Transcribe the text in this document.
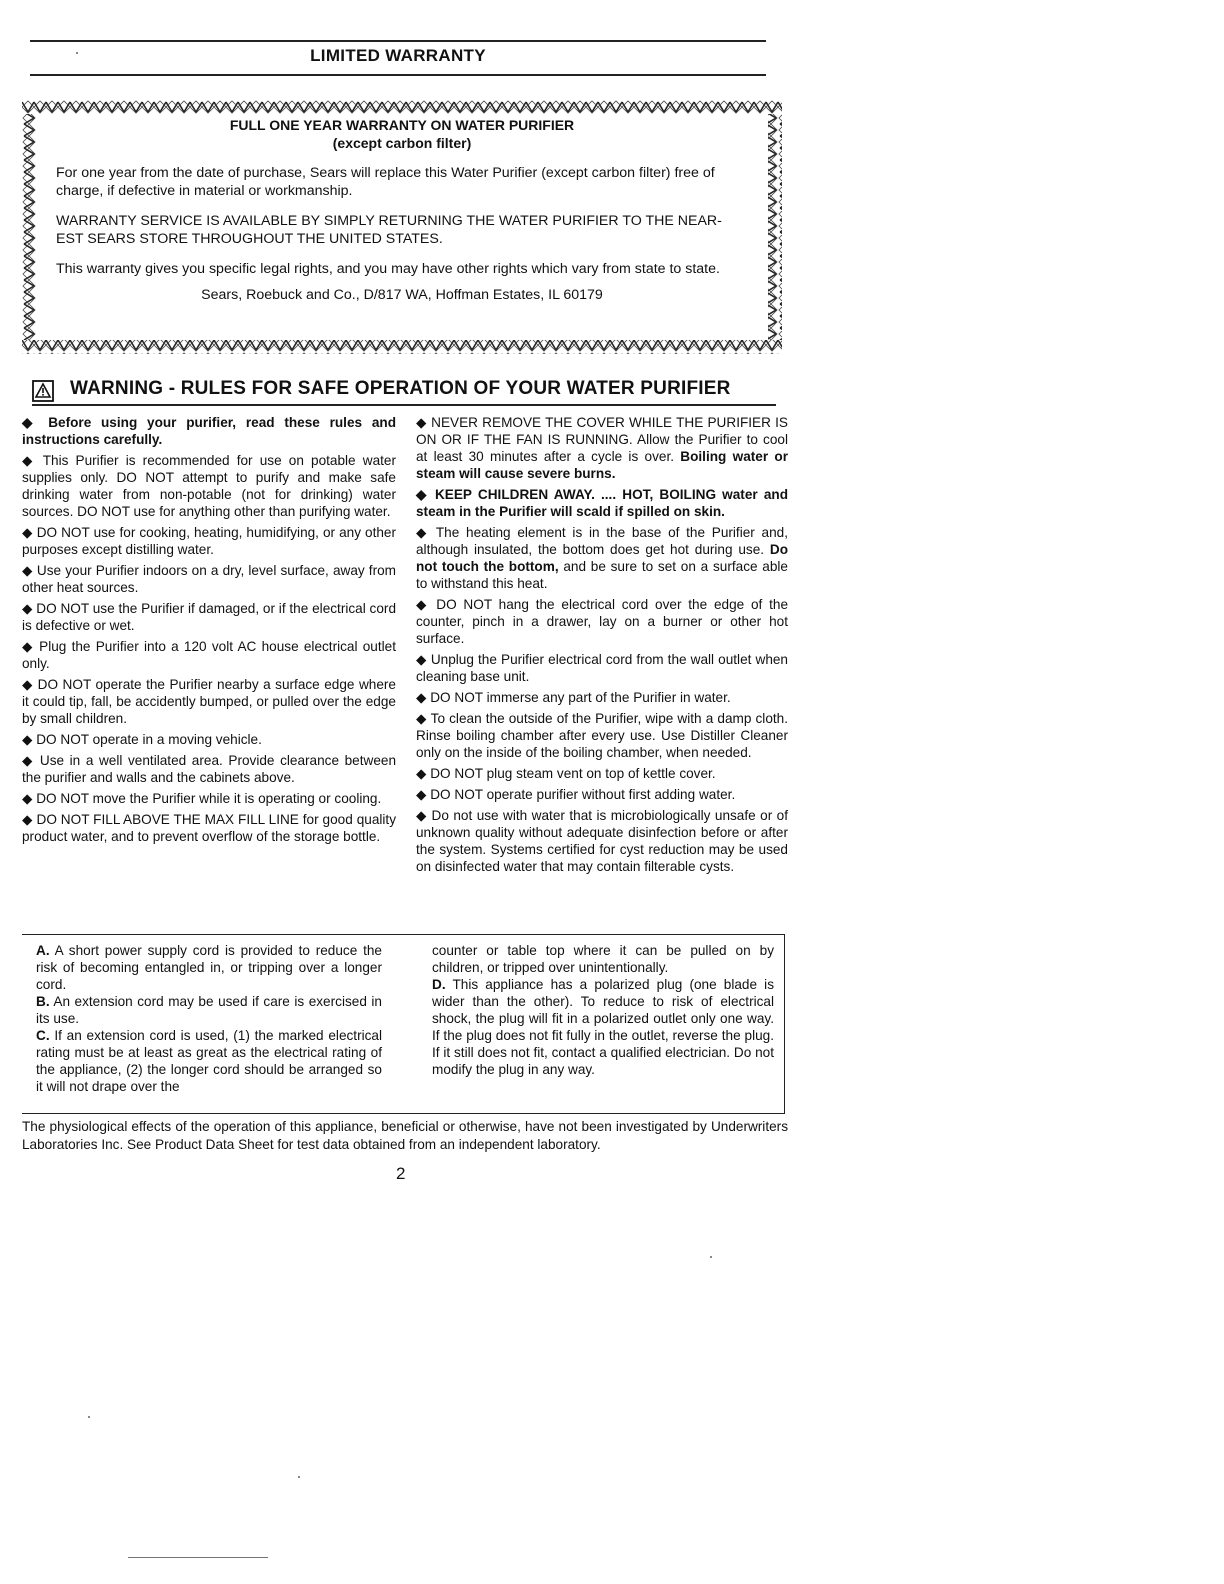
LIMITED WARRANTY
FULL ONE YEAR WARRANTY ON WATER PURIFIER
(except carbon filter)

For one year from the date of purchase, Sears will replace this Water Purifier (except carbon filter) free of charge, if defective in material or workmanship.

WARRANTY SERVICE IS AVAILABLE BY SIMPLY RETURNING THE WATER PURIFIER TO THE NEAR-EST SEARS STORE THROUGHOUT THE UNITED STATES.

This warranty gives you specific legal rights, and you may have other rights which vary from state to state.

Sears, Roebuck and Co., D/817 WA, Hoffman Estates, IL 60179
WARNING - RULES FOR SAFE OPERATION OF YOUR WATER PURIFIER

◆ Before using your purifier, read these rules and instructions carefully.

◆ This Purifier is recommended for use on potable water supplies only. DO NOT attempt to purify and make safe drinking water from non-potable (not for drinking) water sources. DO NOT use for anything other than purifying water.

◆ DO NOT use for cooking, heating, humidifying, or any other purposes except distilling water.

◆ Use your Purifier indoors on a dry, level surface, away from other heat sources.

◆ DO NOT use the Purifier if damaged, or if the electrical cord is defective or wet.

◆ Plug the Purifier into a 120 volt AC house electrical outlet only.

◆ DO NOT operate the Purifier nearby a surface edge where it could tip, fall, be accidently bumped, or pulled over the edge by small children.

◆ DO NOT operate in a moving vehicle.

◆ Use in a well ventilated area. Provide clearance between the purifier and walls and the cabinets above.

◆ DO NOT move the Purifier while it is operating or cooling.

◆ DO NOT FILL ABOVE THE MAX FILL LINE for good quality product water, and to prevent overflow of the storage bottle.

◆ NEVER REMOVE THE COVER WHILE THE PURIFIER IS ON OR IF THE FAN IS RUNNING. Allow the Purifier to cool at least 30 minutes after a cycle is over. Boiling water or steam will cause severe burns.

◆ KEEP CHILDREN AWAY. .... HOT, BOILING water and steam in the Purifier will scald if spilled on skin.

◆ The heating element is in the base of the Purifier and, although insulated, the bottom does get hot during use. Do not touch the bottom, and be sure to set on a surface able to withstand this heat.

◆ DO NOT hang the electrical cord over the edge of the counter, pinch in a drawer, lay on a burner or other hot surface.

◆ Unplug the Purifier electrical cord from the wall outlet when cleaning base unit.

◆ DO NOT immerse any part of the Purifier in water.

◆ To clean the outside of the Purifier, wipe with a damp cloth. Rinse boiling chamber after every use. Use Distiller Cleaner only on the inside of the boiling chamber, when needed.

◆ DO NOT plug steam vent on top of kettle cover.

◆ DO NOT operate purifier without first adding water.

◆ Do not use with water that is microbiologically unsafe or of unknown quality without adequate disinfection before or after the system. Systems certified for cyst reduction may be used on disinfected water that may contain filterable cysts.

A. A short power supply cord is provided to reduce the risk of becoming entangled in, or tripping over a longer cord.

B. An extension cord may be used if care is exercised in its use.

C. If an extension cord is used, (1) the marked electrical rating must be at least as great as the electrical rating of the appliance, (2) the longer cord should be arranged so it will not drape over the

counter or table top where it can be pulled on by children, or tripped over unintentionally.

D. This appliance has a polarized plug (one blade is wider than the other). To reduce to risk of electrical shock, the plug will fit in a polarized outlet only one way. If the plug does not fit fully in the outlet, reverse the plug. If it still does not fit, contact a qualified electrician. Do not modify the plug in any way.

The physiological effects of the operation of this appliance, beneficial or otherwise, have not been investigated by Underwriters Laboratories Inc. See Product Data Sheet for test data obtained from an independent laboratory.
2
